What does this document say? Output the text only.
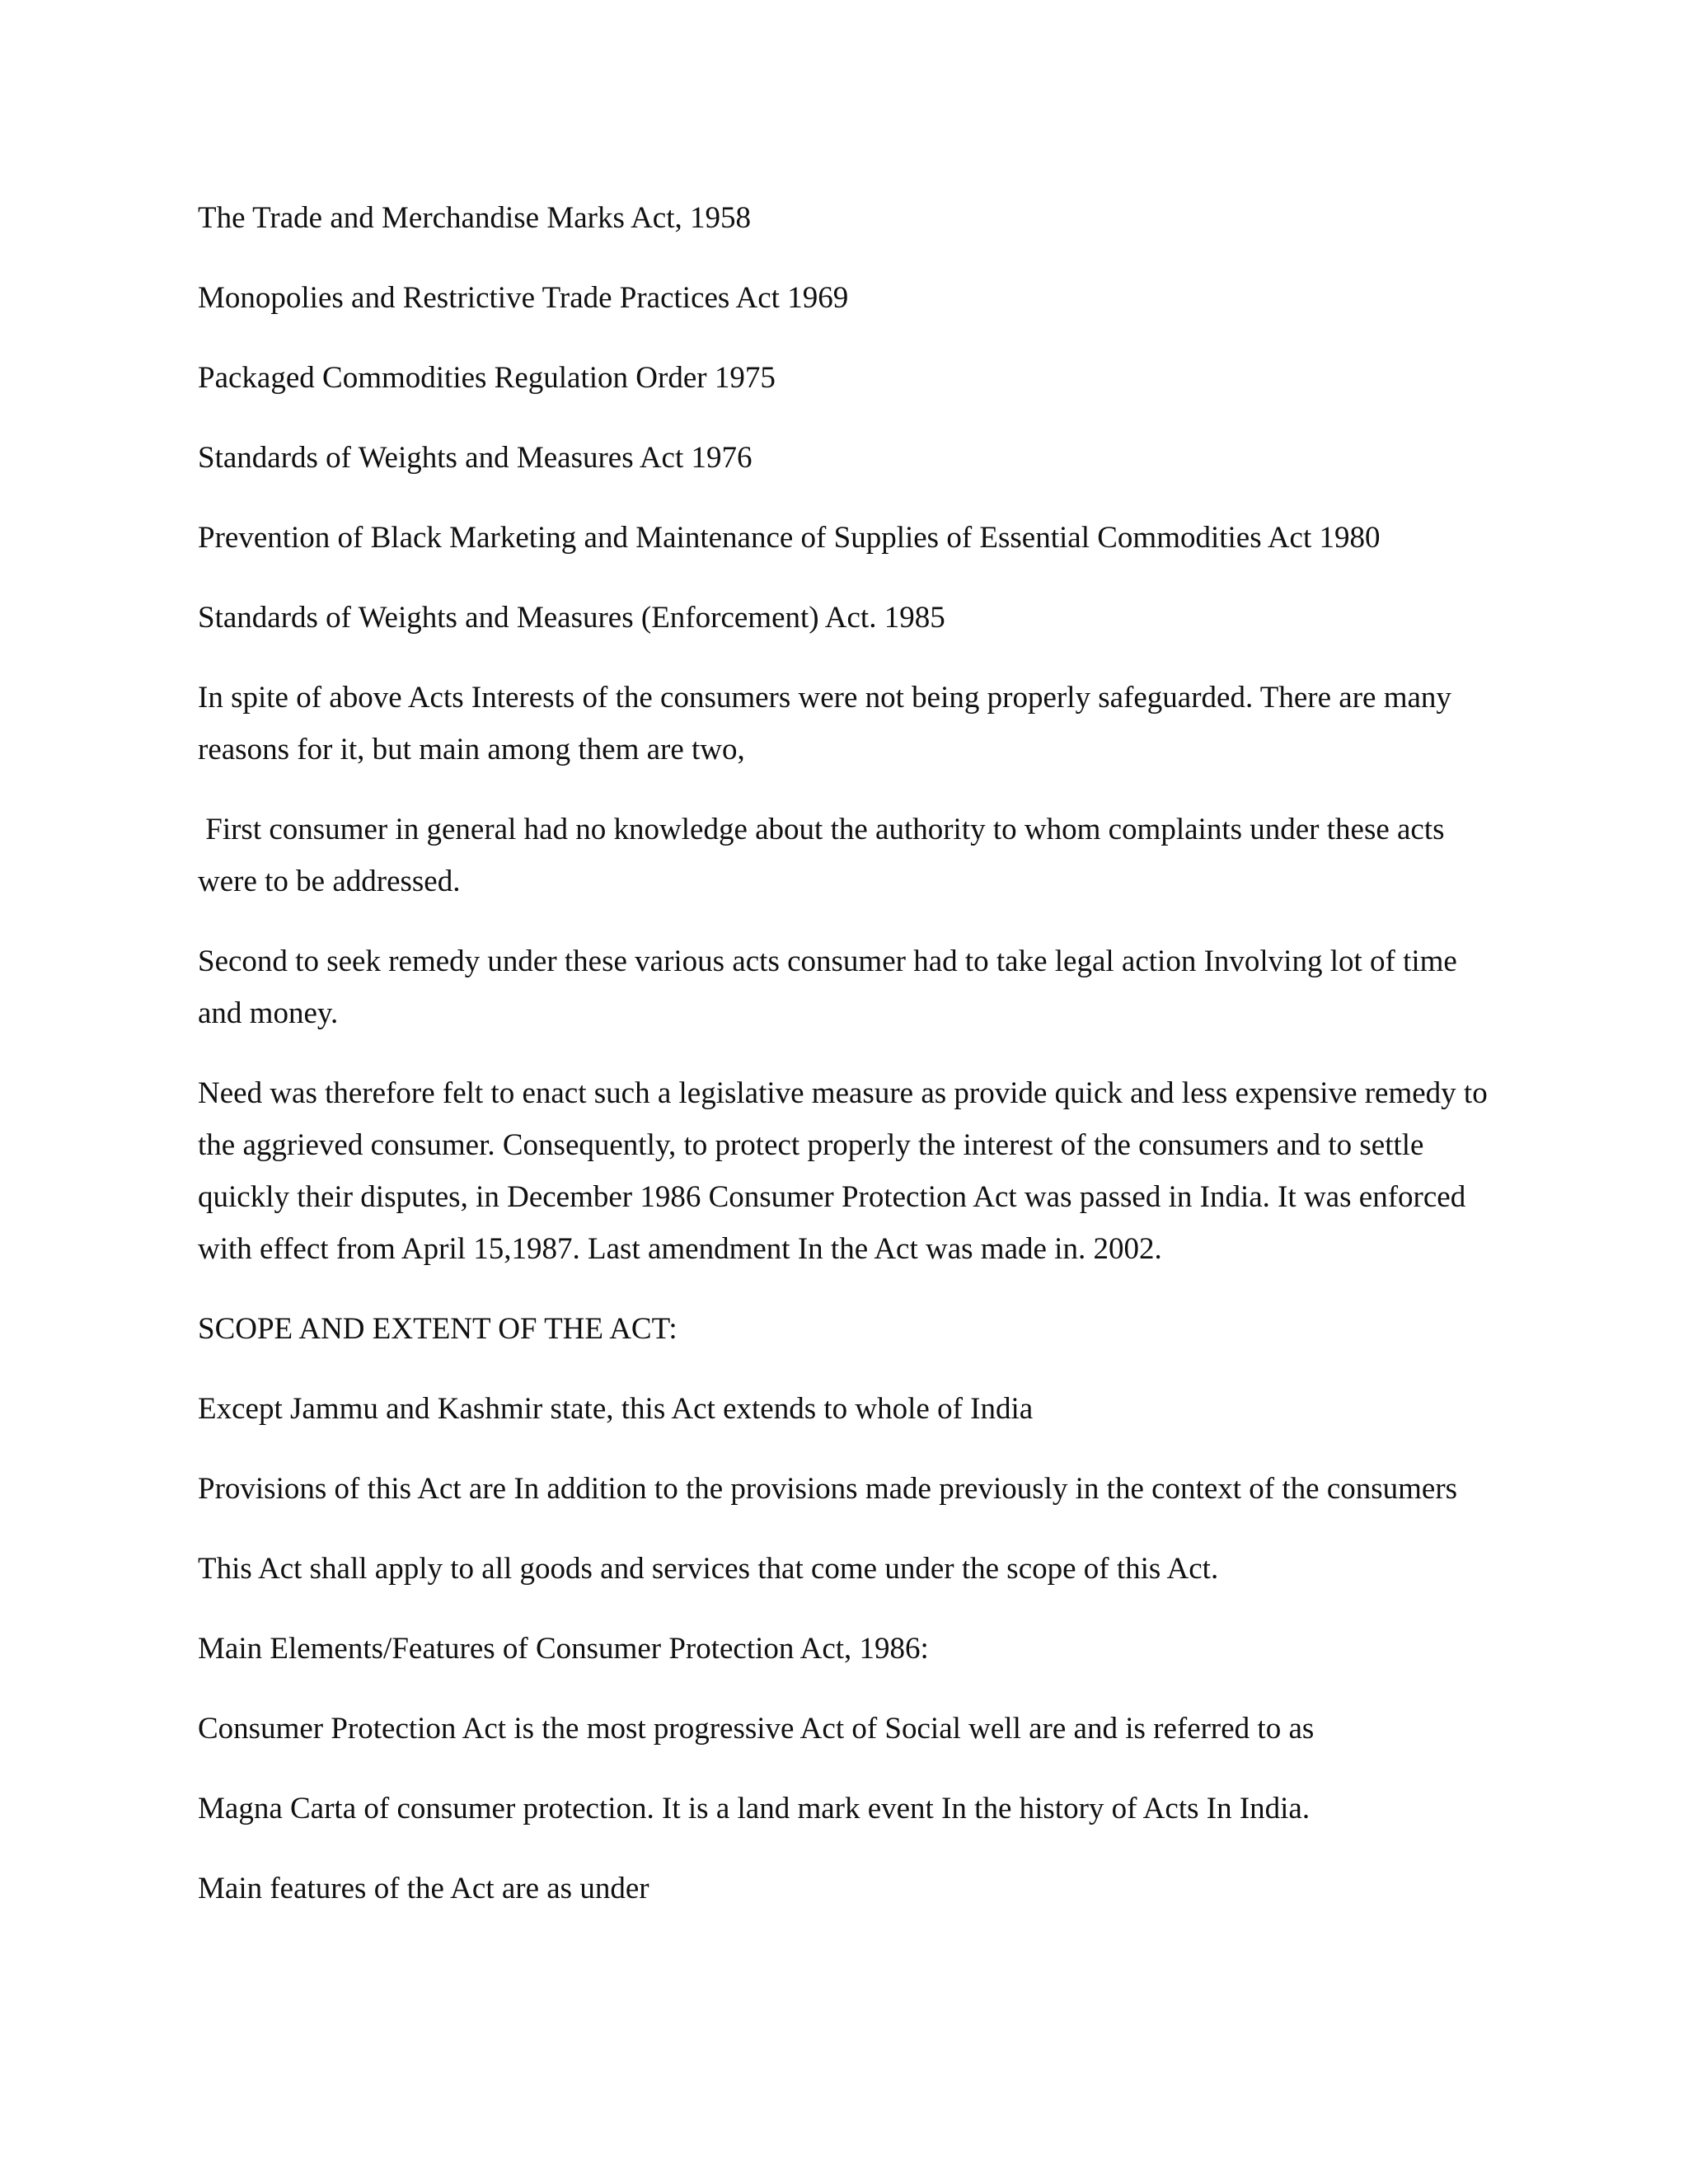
The Trade and Merchandise Marks Act, 1958

Monopolies and Restrictive Trade Practices Act 1969

Packaged Commodities Regulation Order 1975

Standards of Weights and Measures Act 1976

Prevention of Black Marketing and Maintenance of Supplies of Essential Commodities Act 1980

Standards of Weights and Measures (Enforcement) Act. 1985

In spite of above Acts Interests of the consumers were not being properly safeguarded. There are many reasons for it, but main among them are two,

First consumer in general had no knowledge about the authority to whom complaints under these acts were to be addressed.

Second to seek remedy under these various acts consumer had to take legal action Involving lot of time and money.

Need was therefore felt to enact such a legislative measure as provide quick and less expensive remedy to the aggrieved consumer. Consequently, to protect properly the interest of the consumers and to settle quickly their disputes, in December 1986 Consumer Protection Act was passed in India. It was enforced with effect from April 15,1987. Last amendment In the Act was made in. 2002.

SCOPE AND EXTENT OF THE ACT:

Except Jammu and Kashmir state, this Act extends to whole of India

Provisions of this Act are In addition to the provisions made previously in the context of the consumers

This Act shall apply to all goods and services that come under the scope of this Act.

Main Elements/Features of Consumer Protection Act, 1986:

Consumer Protection Act is the most progressive Act of Social well are and is referred to as

Magna Carta of consumer protection. It is a land mark event In the history of Acts In India.

Main features of the Act are as under
